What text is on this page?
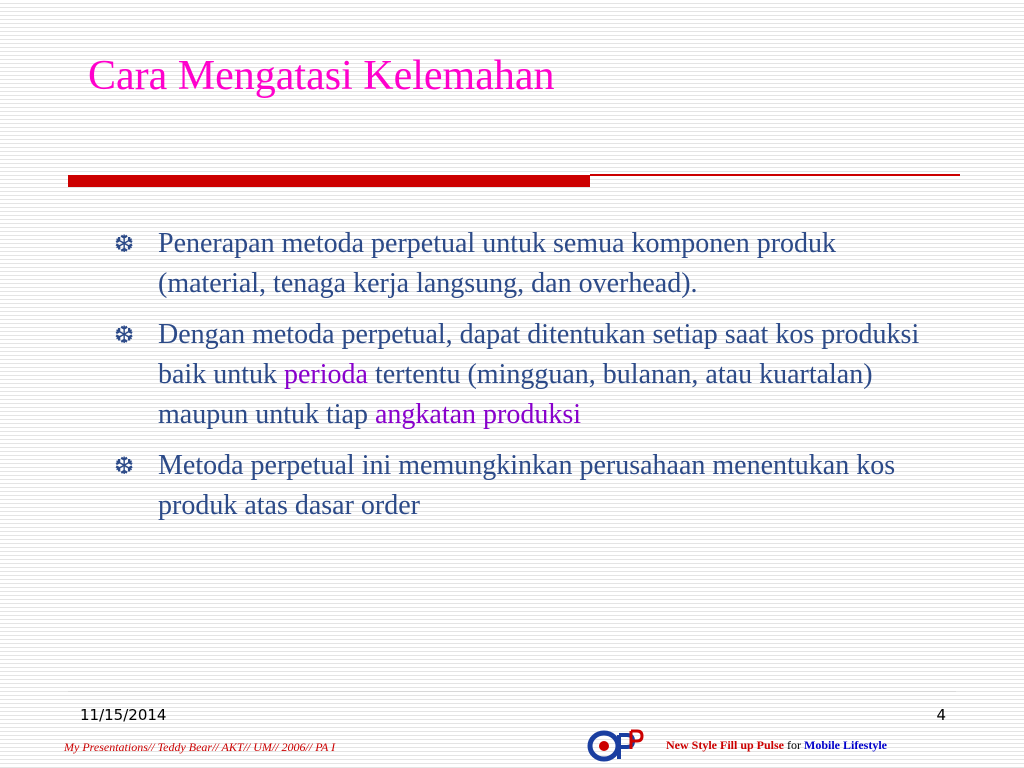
Cara Mengatasi Kelemahan
❆ Penerapan metoda perpetual untuk semua komponen produk (material, tenaga kerja langsung, dan overhead).
❆ Dengan metoda perpetual, dapat ditentukan setiap saat kos produksi baik untuk perioda tertentu (mingguan, bulanan, atau kuartalan) maupun untuk tiap angkatan produksi
❆ Metoda perpetual ini memungkinkan perusahaan menentukan kos produk atas dasar order
11/15/2014	4
My Presentations// Teddy Bear// AKT// UM// 2006// PA I	New Style Fill up Pulse for Mobile Lifestyle
